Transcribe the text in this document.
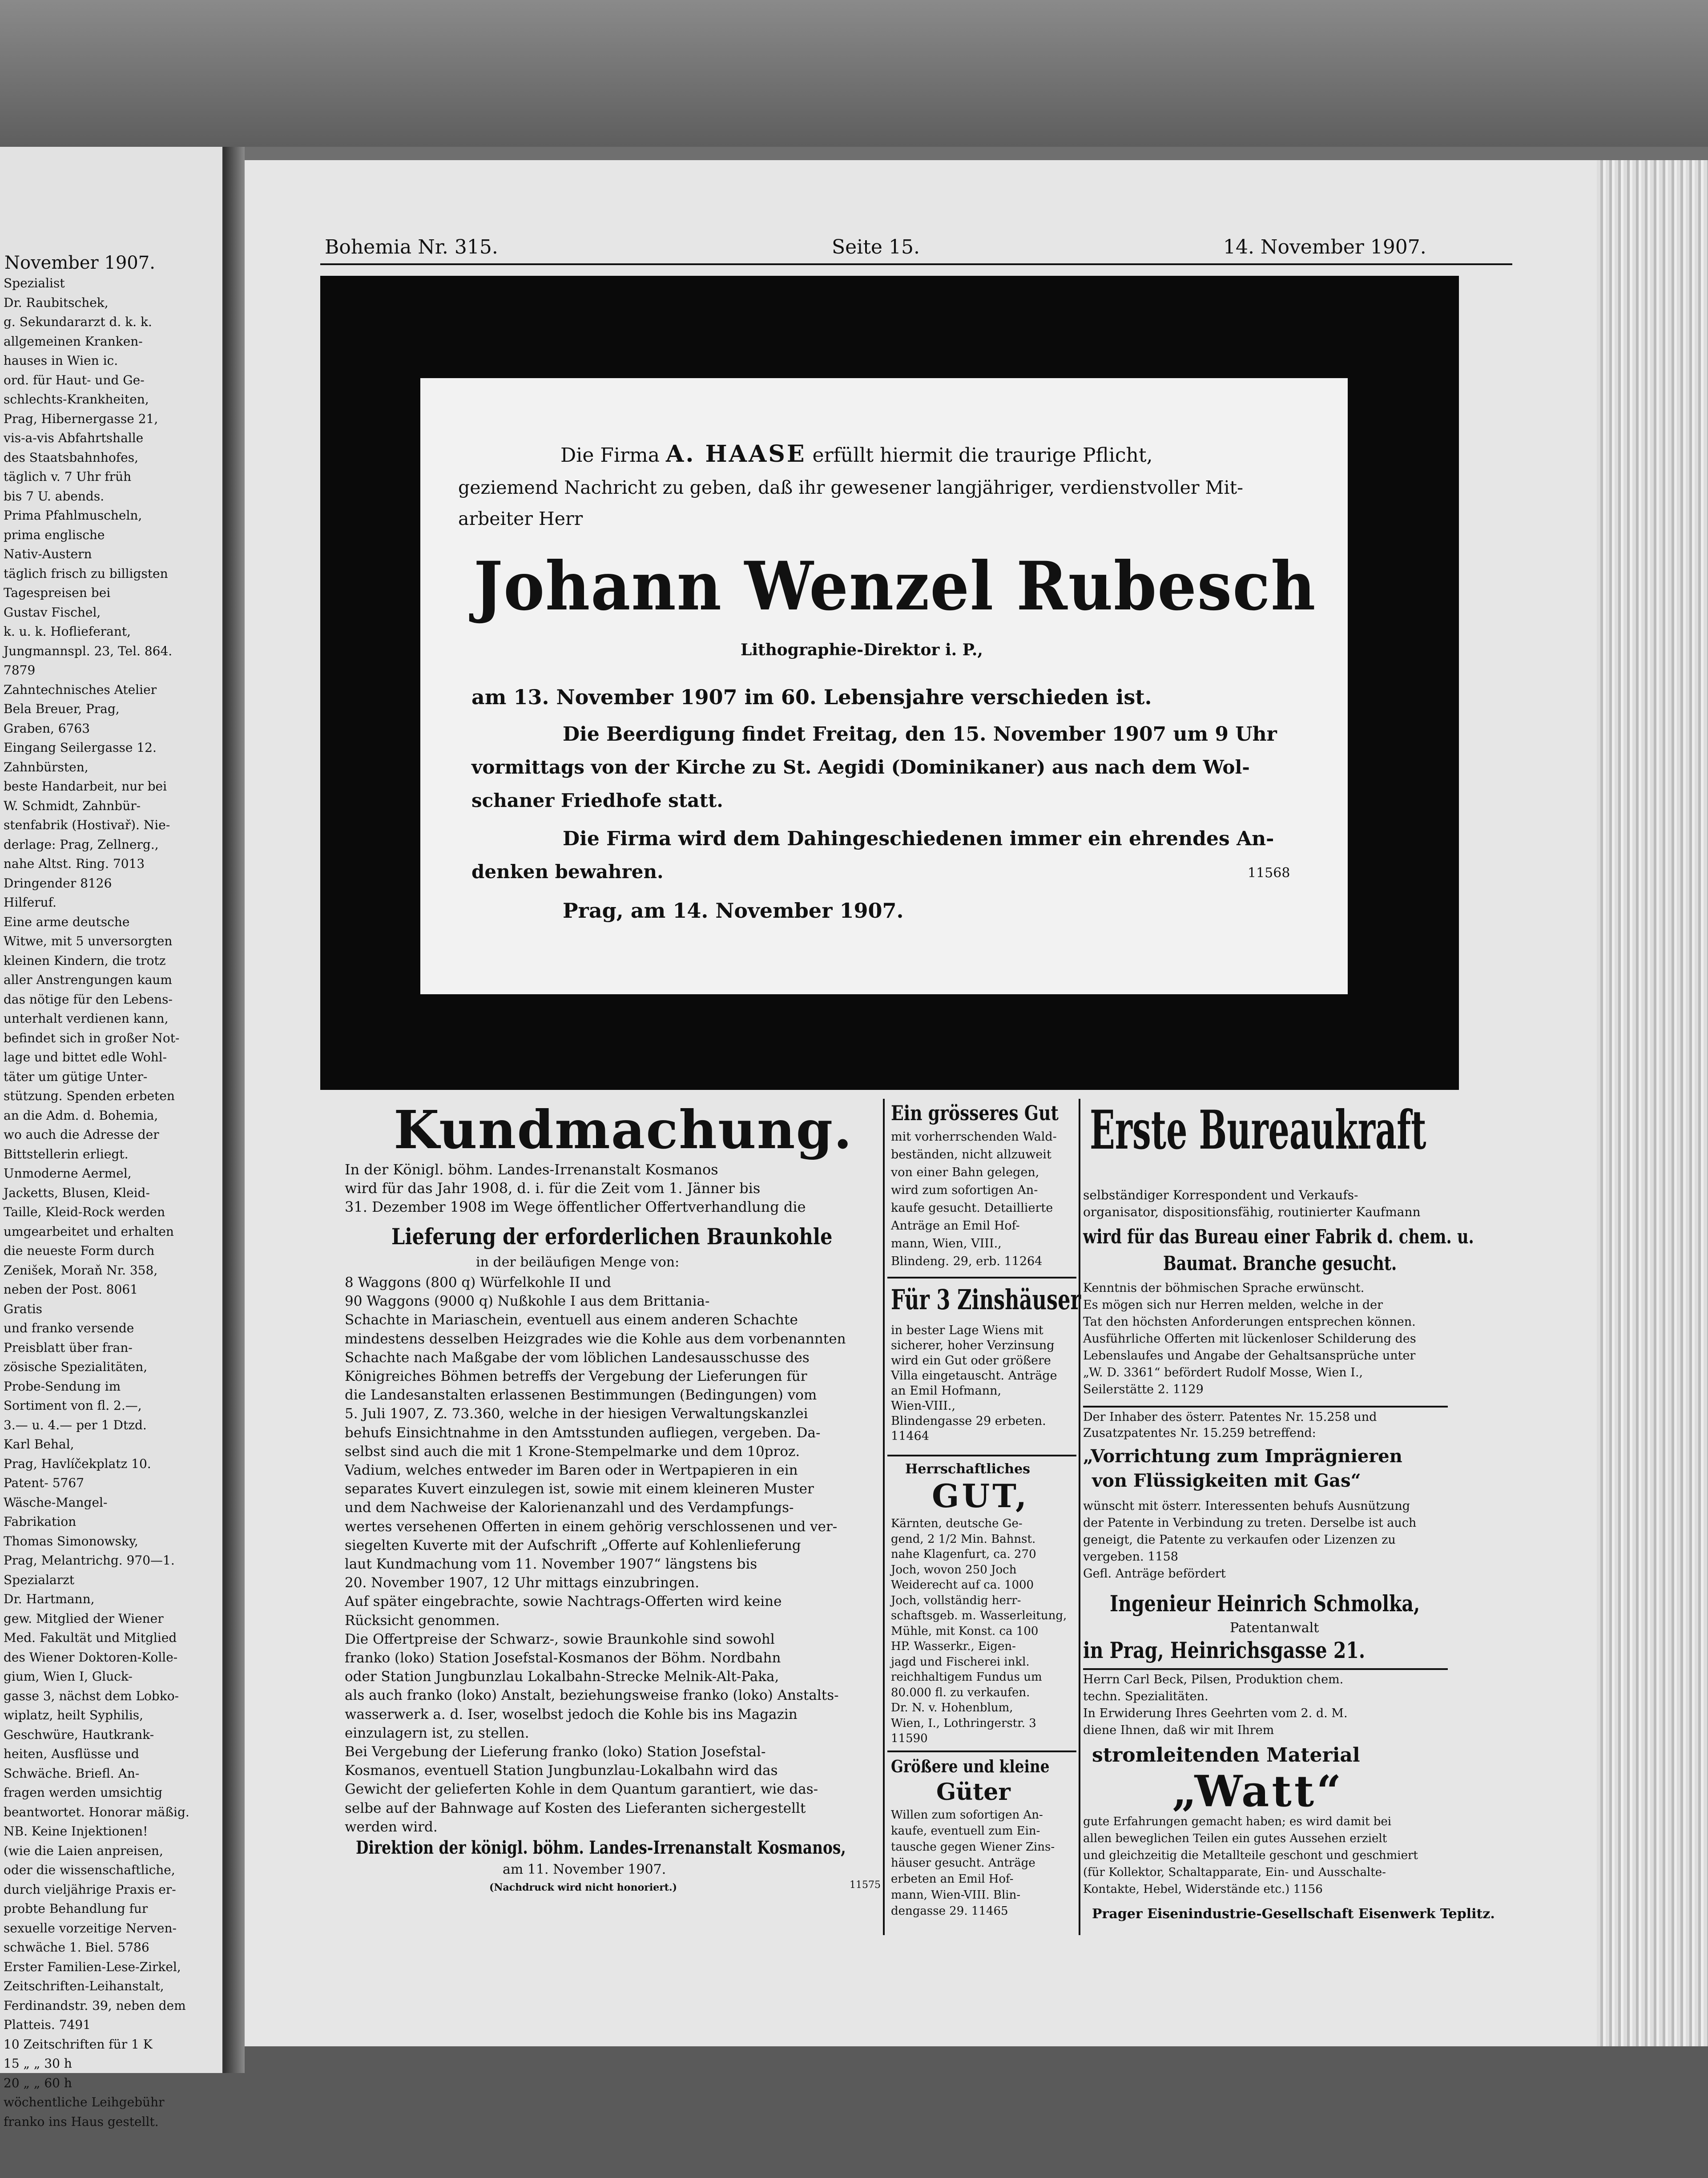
November 1907.
Spezialist
Dr. Raubitschek,
g. Sekundararzt d. k. k.
allgemeinen Kranken-
hauses in Wien ic.
ord. für Haut- und Ge-
schlechts-Krankheiten,
Prag, Hibernergasse 21,
vis-a-vis Abfahrtshalle
des Staatsbahnhofes,
täglich v. 7 Uhr früh
bis 7 U. abends.
Prima Pfahlmuscheln,
prima englische
Nativ-Austern
täglich frisch zu billigsten
Tagespreisen bei
Gustav Fischel,
k. u. k. Hoflieferant,
Jungmannspl. 23, Tel. 864.
7879
Zahntechnisches Atelier
Bela Breuer, Prag,
Graben, 6763
Eingang Seilergasse 12.
Zahnbürsten,
beste Handarbeit, nur bei
W. Schmidt, Zahnbür-
stenfabrik (Hostivař). Nie-
derlage: Prag, Zellnerg.,
nahe Altst. Ring. 7013
Dringender 8126
Hilferuf.
Eine arme deutsche
Witwe, mit 5 unversorgten
kleinen Kindern, die trotz
aller Anstrengungen kaum
das nötige für den Lebens-
unterhalt verdienen kann,
befindet sich in großer Not-
lage und bittet edle Wohl-
täter um gütige Unter-
stützung. Spenden erbeten
an die Adm. d. Bohemia,
wo auch die Adresse der
Bittstellerin erliegt.
Unmoderne Aermel,
Jacketts, Blusen, Kleid-
Taille, Kleid-Rock werden
umgearbeitet und erhalten
die neueste Form durch
Zenišek, Moraň Nr. 358,
neben der Post. 8061
Gratis
und franko versende
Preisblatt über fran-
zösische Spezialitäten,
Probe-Sendung im
Sortiment von fl. 2.—,
3.— u. 4.— per 1 Dtzd.
Karl Behal,
Prag, Havlíčekplatz 10.
Patent- 5767
Wäsche-Mangel-
Fabrikation
Thomas Simonowsky,
Prag, Melantrichg. 970—1.
Spezialarzt
Dr. Hartmann,
gew. Mitglied der Wiener
Med. Fakultät und Mitglied
des Wiener Doktoren-Kolle-
gium, Wien I, Gluck-
gasse 3, nächst dem Lobko-
wiplatz, heilt Syphilis,
Geschwüre, Hautkrank-
heiten, Ausflüsse und
Schwäche. Briefl. An-
fragen werden umsichtig
beantwortet. Honorar mäßig.
NB. Keine Injektionen!
(wie die Laien anpreisen,
oder die wissenschaftliche,
durch vieljährige Praxis er-
probte Behandlung fur
sexuelle vorzeitige Nerven-
schwäche 1. Biel. 5786
Erster Familien-Lese-Zirkel,
Zeitschriften-Leihanstalt,
Ferdinandstr. 39, neben dem
Platteis. 7491
10 Zeitschriften für 1 K
15 „ „ 30 h
20 „ „ 60 h
wöchentliche Leihgebühr
franko ins Haus gestellt.
Bohemia Nr. 315.	Seite 15.	14. November 1907.
Die Firma A. HAASE erfüllt hiermit die traurige Pflicht,
geziemend Nachricht zu geben, daß ihr gewesener langjähriger, verdienstvoller Mit-
arbeiter Herr
Johann Wenzel Rubesch
Lithographie-Direktor i. P.,
am 13. November 1907 im 60. Lebensjahre verschieden ist.
Die Beerdigung findet Freitag, den 15. November 1907 um 9 Uhr
vormittags von der Kirche zu St. Aegidi (Dominikaner) aus nach dem Wol-
schaner Friedhofe statt.
Die Firma wird dem Dahingeschiedenen immer ein ehrendes An-
denken bewahren.	11568
Prag, am 14. November 1907.
Kundmachung.
In der Königl. böhm. Landes-Irrenanstalt Kosmanos
wird für das Jahr 1908, d. i. für die Zeit vom 1. Jänner bis
31. Dezember 1908 im Wege öffentlicher Offertverhandlung die
Lieferung der erforderlichen Braunkohle
in der beiläufigen Menge von:
8 Waggons (800 q) Würfelkohle II und
90 Waggons (9000 q) Nußkohle I aus dem Brittania-
Schachte in Mariaschein, eventuell aus einem anderen Schachte
mindestens desselben Heizgrades wie die Kohle aus dem vorbenannten
Schachte nach Maßgabe der vom löblichen Landesausschusse des
Königreiches Böhmen betreffs der Vergebung der Lieferungen für
die Landesanstalten erlassenen Bestimmungen (Bedingungen) vom
5. Juli 1907, Z. 73.360, welche in der hiesigen Verwaltungskanzlei
behufs Einsichtnahme in den Amtsstunden aufliegen, vergeben. Da-
selbst sind auch die mit 1 Krone-Stempelmarke und dem 10proz.
Vadium, welches entweder im Baren oder in Wertpapieren in ein
separates Kuvert einzulegen ist, sowie mit einem kleineren Muster
und dem Nachweise der Kalorienanzahl und des Verdampfungs-
wertes versehenen Offerten in einem gehörig verschlossenen und ver-
siegelten Kuverte mit der Aufschrift „Offerte auf Kohlenlieferung
laut Kundmachung vom 11. November 1907“ längstens bis
20. November 1907, 12 Uhr mittags einzubringen.
Auf später eingebrachte, sowie Nachtrags-Offerten wird keine
Rücksicht genommen.
Die Offertpreise der Schwarz-, sowie Braunkohle sind sowohl
franko (loko) Station Josefstal-Kosmanos der Böhm. Nordbahn
oder Station Jungbunzlau Lokalbahn-Strecke Melnik-Alt-Paka,
als auch franko (loko) Anstalt, beziehungsweise franko (loko) Anstalts-
wasserwerk a. d. Iser, woselbst jedoch die Kohle bis ins Magazin
einzulagern ist, zu stellen.
Bei Vergebung der Lieferung franko (loko) Station Josefstal-
Kosmanos, eventuell Station Jungbunzlau-Lokalbahn wird das
Gewicht der gelieferten Kohle in dem Quantum garantiert, wie das-
selbe auf der Bahnwage auf Kosten des Lieferanten sichergestellt
werden wird.
Direktion der königl. böhm. Landes-Irrenanstalt Kosmanos,
am 11. November 1907.
(Nachdruck wird nicht honoriert.)	11575
Ein grösseres Gut
mit vorherrschenden Wald-
beständen, nicht allzuweit
von einer Bahn gelegen,
wird zum sofortigen An-
kaufe gesucht. Detaillierte
Anträge an Emil Hof-
mann, Wien, VIII.,
Blindeng. 29, erb. 11264
Für 3 Zinshäuser
in bester Lage Wiens mit
sicherer, hoher Verzinsung
wird ein Gut oder größere
Villa eingetauscht. Anträge
an Emil Hofmann,
Wien-VIII.,
Blindengasse 29 erbeten.
11464
Herrschaftliches
GUT,
Kärnten, deutsche Ge-
gend, 2 1/2 Min. Bahnst.
nahe Klagenfurt, ca. 270
Joch, wovon 250 Joch
Weiderecht auf ca. 1000
Joch, vollständig herr-
schaftsgeb. m. Wasserleitung,
Mühle, mit Konst. ca 100
HP. Wasserkr., Eigen-
jagd und Fischerei inkl.
reichhaltigem Fundus um
80.000 fl. zu verkaufen.
Dr. N. v. Hohenblum,
Wien, I., Lothringerstr. 3
11590
Größere und kleine
Güter
Willen zum sofortigen An-
kaufe, eventuell zum Ein-
tausche gegen Wiener Zins-
häuser gesucht. Anträge
erbeten an Emil Hof-
mann, Wien-VIII. Blin-
dengasse 29. 11465
Erste Bureaukraft
selbständiger Korrespondent und Verkaufs-
organisator, dispositionsfähig, routinierter Kaufmann
wird für das Bureau einer Fabrik d. chem. u.
Baumat. Branche gesucht.
Kenntnis der böhmischen Sprache erwünscht.
Es mögen sich nur Herren melden, welche in der
Tat den höchsten Anforderungen entsprechen können.
Ausführliche Offerten mit lückenloser Schilderung des
Lebenslaufes und Angabe der Gehaltsansprüche unter
„W. D. 3361“ befördert Rudolf Mosse, Wien I.,
Seilerstätte 2. 1129
Der Inhaber des österr. Patentes Nr. 15.258 und
Zusatzpatentes Nr. 15.259 betreffend:
„Vorrichtung zum Imprägnieren
von Flüssigkeiten mit Gas“
wünscht mit österr. Interessenten behufs Ausnützung
der Patente in Verbindung zu treten. Derselbe ist auch
geneigt, die Patente zu verkaufen oder Lizenzen zu
vergeben. 1158
Gefl. Anträge befördert
Ingenieur Heinrich Schmolka,
Patentanwalt
in Prag, Heinrichsgasse 21.
Herrn Carl Beck, Pilsen, Produktion chem.
techn. Spezialitäten.
In Erwiderung Ihres Geehrten vom 2. d. M.
diene Ihnen, daß wir mit Ihrem
stromleitenden Material
„Watt“
gute Erfahrungen gemacht haben; es wird damit bei
allen beweglichen Teilen ein gutes Aussehen erzielt
und gleichzeitig die Metallteile geschont und geschmiert
(für Kollektor, Schaltapparate, Ein- und Ausschalte-
Kontakte, Hebel, Widerstände etc.) 1156
Prager Eisenindustrie-Gesellschaft Eisenwerk Teplitz.
